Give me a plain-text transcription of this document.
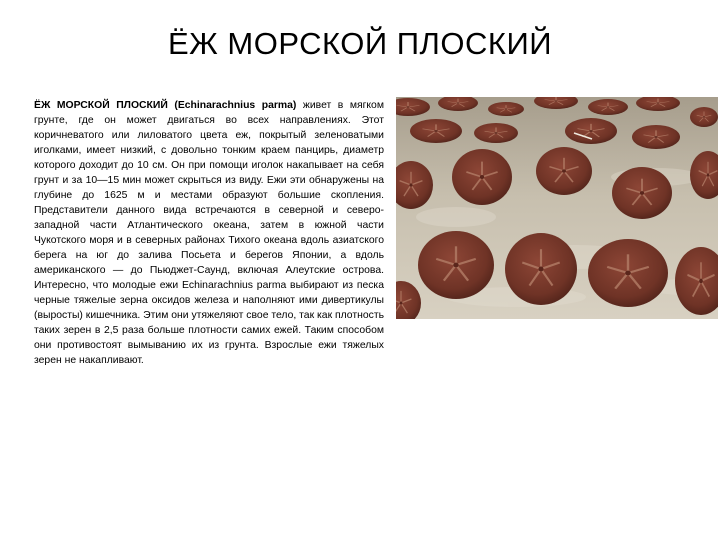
ЁЖ МОРСКОЙ ПЛОСКИЙ

ЁЖ МОРСКОЙ ПЛОСКИЙ (Echinarachnius parma) живет в мягком грунте, где он может двигаться во всех направлениях. Этот коричневатого или лиловатого цвета еж, покрытый зеленоватыми иголками, имеет низкий, с довольно тонким краем панцирь, диаметр которого доходит до 10 см. Он при помощи иголок накапывает на себя грунт и за 10—15 мин может скрыться из виду. Ежи эти обнаружены на глубине до 1625 м и местами образуют большие скопления. Представители данного вида встречаются в северной и северо-западной части Атлантического океана, затем в южной части Чукотского моря и в северных районах Тихого океана вдоль азиатского берега на юг до залива Посьета и берегов Японии, а вдоль американского — до Пьюджет-Саунд, включая Алеутские острова. Интересно, что молодые ежи Echinarachnius parma выбирают из песка черные тяжелые зерна оксидов железа и наполняют ими дивертикулы (выросты) кишечника. Этим они утяжеляют свое тело, так как плотность таких зерен в 2,5 раза больше плотности самих ежей. Таким способом они противостоят вымыванию их из грунта. Взрослые ежи тяжелых зерен не накапливают.
